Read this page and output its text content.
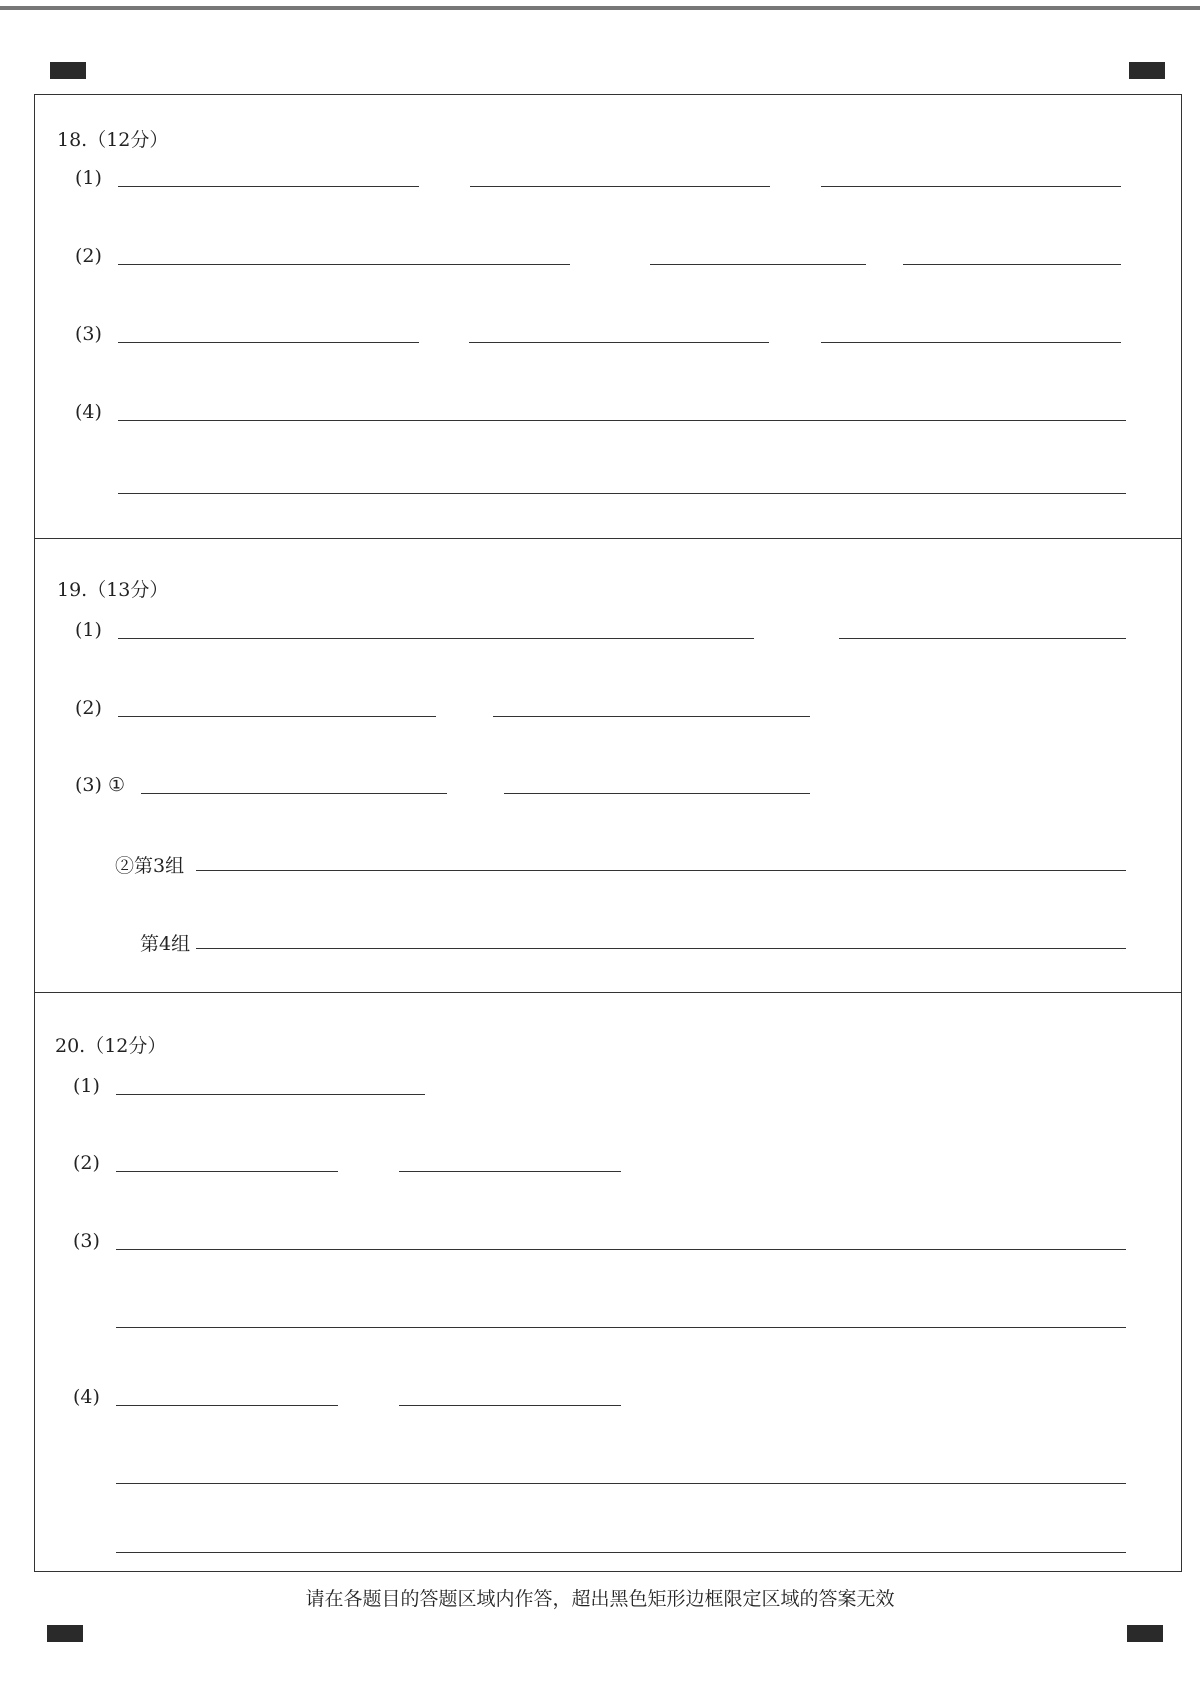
18.（12分）
(1)
(2)
(3)
(4)
19.（13分）
(1)
(2)
(3) ①
②第3组
第4组
20.（12分）
(1)
(2)
(3)
(4)
请在各题目的答题区域内作答，超出黑色矩形边框限定区域的答案无效
